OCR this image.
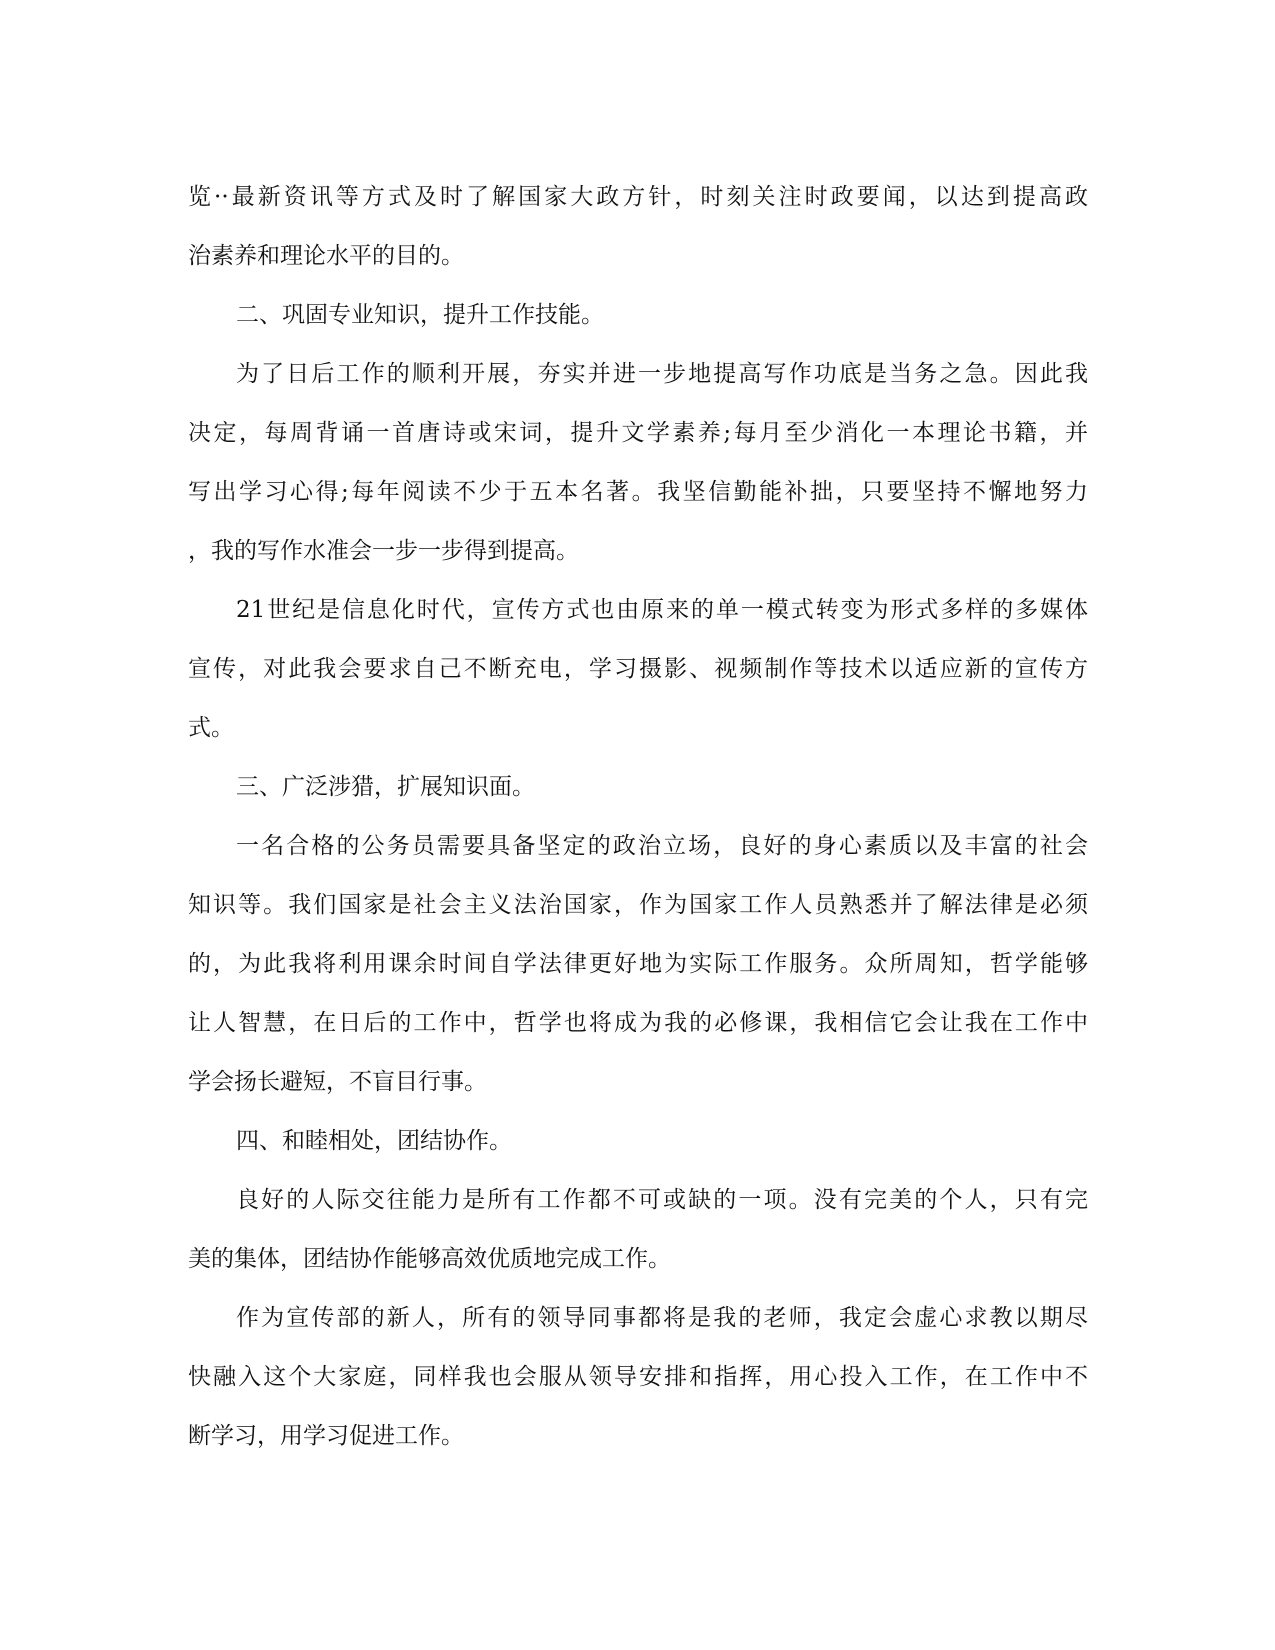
览··最新资讯等方式及时了解国家大政方针，时刻关注时政要闻，以达到提高政
治素养和理论水平的目的。
二、巩固专业知识，提升工作技能。
为了日后工作的顺利开展，夯实并进一步地提高写作功底是当务之急。因此我
决定，每周背诵一首唐诗或宋词，提升文学素养;每月至少消化一本理论书籍，并
写出学习心得;每年阅读不少于五本名著。我坚信勤能补拙，只要坚持不懈地努力
，我的写作水准会一步一步得到提高。
21世纪是信息化时代，宣传方式也由原来的单一模式转变为形式多样的多媒体
宣传，对此我会要求自己不断充电，学习摄影、视频制作等技术以适应新的宣传方
式。
三、广泛涉猎，扩展知识面。
一名合格的公务员需要具备坚定的政治立场，良好的身心素质以及丰富的社会
知识等。我们国家是社会主义法治国家，作为国家工作人员熟悉并了解法律是必须
的，为此我将利用课余时间自学法律更好地为实际工作服务。众所周知，哲学能够
让人智慧，在日后的工作中，哲学也将成为我的必修课，我相信它会让我在工作中
学会扬长避短，不盲目行事。
四、和睦相处，团结协作。
良好的人际交往能力是所有工作都不可或缺的一项。没有完美的个人，只有完
美的集体，团结协作能够高效优质地完成工作。
作为宣传部的新人，所有的领导同事都将是我的老师，我定会虚心求教以期尽
快融入这个大家庭，同样我也会服从领导安排和指挥，用心投入工作，在工作中不
断学习，用学习促进工作。
